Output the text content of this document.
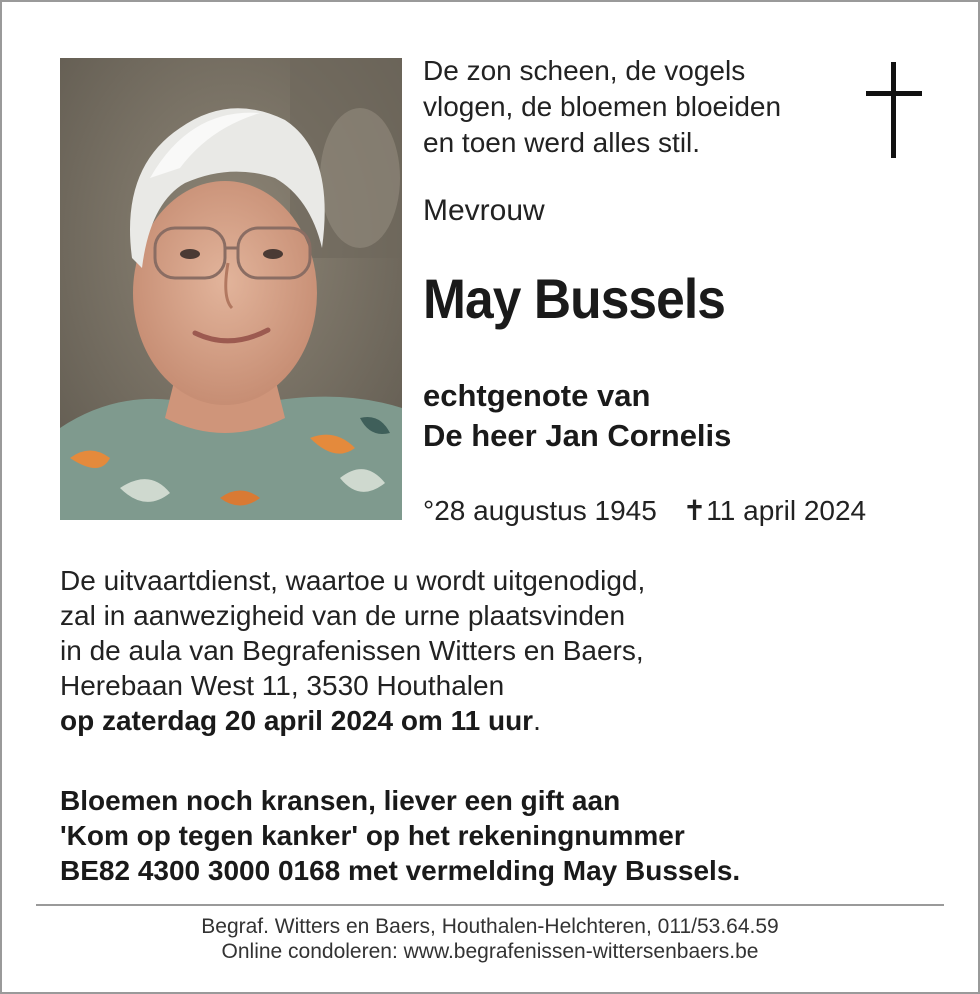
De zon scheen, de vogels
vlogen, de bloemen bloeiden
en toen werd alles stil.

Mevrouw

May Bussels

echtgenote van
De heer Jan Cornelis

°28 augustus 1945 ✝11 april 2024

De uitvaartdienst, waartoe u wordt uitgenodigd,
zal in aanwezigheid van de urne plaatsvinden
in de aula van Begrafenissen Witters en Baers,
Herebaan West 11, 3530 Houthalen
op zaterdag 20 april 2024 om 11 uur.

Bloemen noch kransen, liever een gift aan
'Kom op tegen kanker' op het rekeningnummer
BE82 4300 3000 0168 met vermelding May Bussels.

Begraf. Witters en Baers, Houthalen-Helchteren, 011/53.64.59
Online condoleren: www.begrafenissen-wittersenbaers.be
